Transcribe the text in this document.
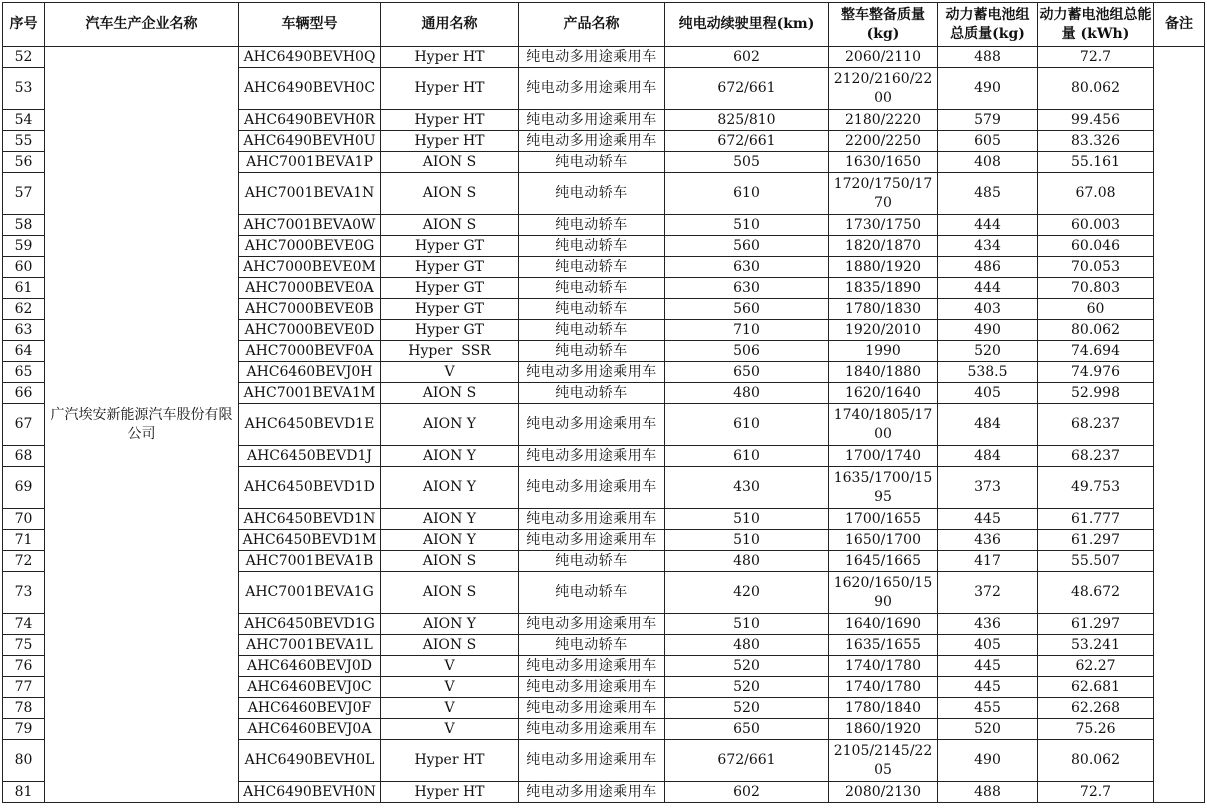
序号	汽车生产企业名称	车辆型号	通用名称	产品名称	纯电动续驶里程(km)	整车整备质量(kg)	动力蓄电池组总质量(kg)	动力蓄电池组总能量 (kWh)	备注
52	广汽埃安新能源汽车股份有限公司	AHC6490BEVH0Q	Hyper HT	纯电动多用途乘用车	602	2060/2110	488	72.7	
53		AHC6490BEVH0C	Hyper HT	纯电动多用途乘用车	672/661	2120/2160/2200	490	80.062	
54		AHC6490BEVH0R	Hyper HT	纯电动多用途乘用车	825/810	2180/2220	579	99.456	
55		AHC6490BEVH0U	Hyper HT	纯电动多用途乘用车	672/661	2200/2250	605	83.326	
56		AHC7001BEVA1P	AION S	纯电动轿车	505	1630/1650	408	55.161	
57		AHC7001BEVA1N	AION S	纯电动轿车	610	1720/1750/1770	485	67.08	
58		AHC7001BEVA0W	AION S	纯电动轿车	510	1730/1750	444	60.003	
59		AHC7000BEVE0G	Hyper GT	纯电动轿车	560	1820/1870	434	60.046	
60		AHC7000BEVE0M	Hyper GT	纯电动轿车	630	1880/1920	486	70.053	
61		AHC7000BEVE0A	Hyper GT	纯电动轿车	630	1835/1890	444	70.803	
62		AHC7000BEVE0B	Hyper GT	纯电动轿车	560	1780/1830	403	60	
63		AHC7000BEVE0D	Hyper GT	纯电动轿车	710	1920/2010	490	80.062	
64		AHC7000BEVF0A	Hyper  SSR	纯电动轿车	506	1990	520	74.694	
65		AHC6460BEVJ0H	V	纯电动多用途乘用车	650	1840/1880	538.5	74.976	
66		AHC7001BEVA1M	AION S	纯电动轿车	480	1620/1640	405	52.998	
67		AHC6450BEVD1E	AION Y	纯电动多用途乘用车	610	1740/1805/1700	484	68.237	
68		AHC6450BEVD1J	AION Y	纯电动多用途乘用车	610	1700/1740	484	68.237	
69		AHC6450BEVD1D	AION Y	纯电动多用途乘用车	430	1635/1700/1595	373	49.753	
70		AHC6450BEVD1N	AION Y	纯电动多用途乘用车	510	1700/1655	445	61.777	
71		AHC6450BEVD1M	AION Y	纯电动多用途乘用车	510	1650/1700	436	61.297	
72		AHC7001BEVA1B	AION S	纯电动轿车	480	1645/1665	417	55.507	
73		AHC7001BEVA1G	AION S	纯电动轿车	420	1620/1650/1590	372	48.672	
74		AHC6450BEVD1G	AION Y	纯电动多用途乘用车	510	1640/1690	436	61.297	
75		AHC7001BEVA1L	AION S	纯电动轿车	480	1635/1655	405	53.241	
76		AHC6460BEVJ0D	V	纯电动多用途乘用车	520	1740/1780	445	62.27	
77		AHC6460BEVJ0C	V	纯电动多用途乘用车	520	1740/1780	445	62.681	
78		AHC6460BEVJ0F	V	纯电动多用途乘用车	520	1780/1840	455	62.268	
79		AHC6460BEVJ0A	V	纯电动多用途乘用车	650	1860/1920	520	75.26	
80		AHC6490BEVH0L	Hyper HT	纯电动多用途乘用车	672/661	2105/2145/2205	490	80.062	
81		AHC6490BEVH0N	Hyper HT	纯电动多用途乘用车	602	2080/2130	488	72.7	
